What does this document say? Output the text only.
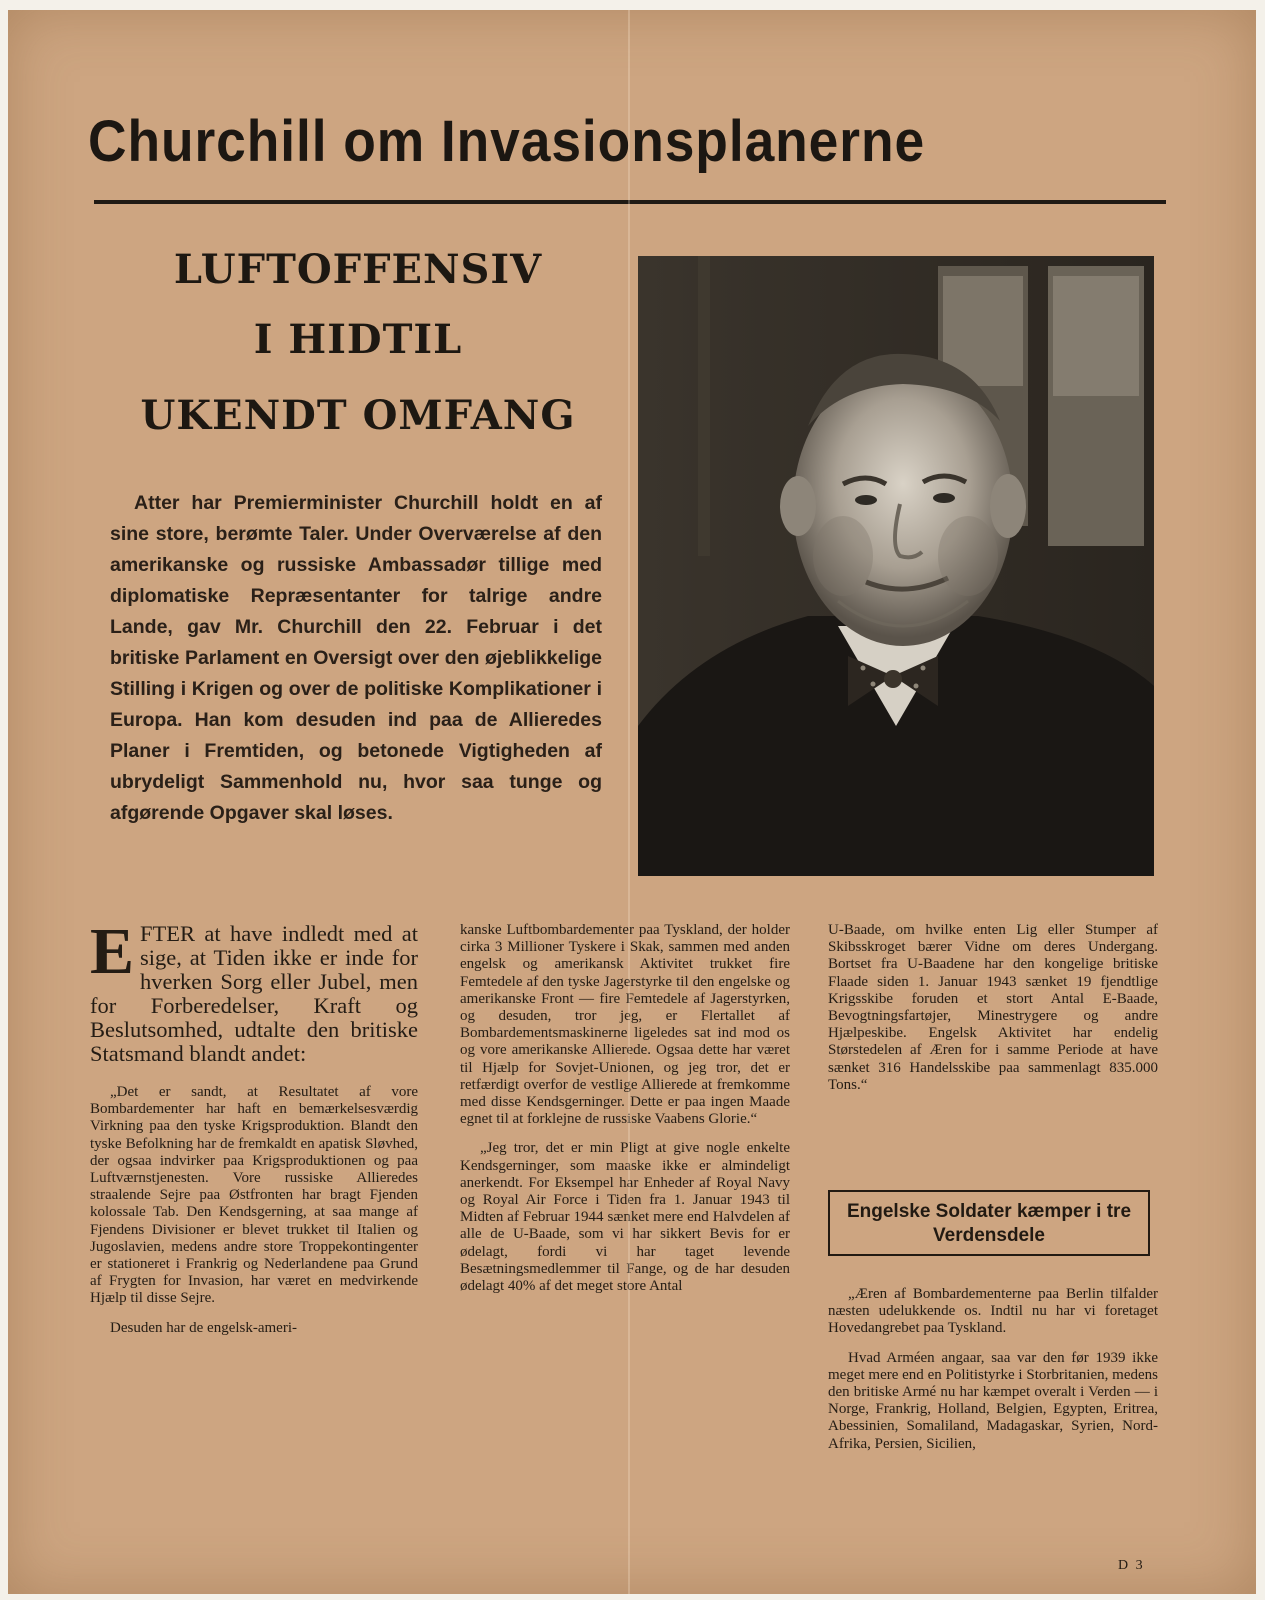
Churchill om Invasionsplanerne
LUFTOFFENSIV
I HIDTIL
UKENDT OMFANG

Atter har Premierminister Churchill holdt en af sine store, berømte Taler. Under Overværelse af den amerikanske og russiske Ambassadør tillige med diplomatiske Repræsentanter for talrige andre Lande, gav Mr. Churchill den 22. Februar i det britiske Parlament en Oversigt over den øjeblikkelige Stilling i Krigen og over de politiske Komplikationer i Europa. Han kom desuden ind paa de Allieredes Planer i Fremtiden, og betonede Vigtigheden af ubrydeligt Sammenhold nu, hvor saa tunge og afgørende Opgaver skal løses.

EFTER at have indledt med at sige, at Tiden ikke er inde for hverken Sorg eller Jubel, men for Forberedelser, Kraft og Beslutsomhed, udtalte den britiske Statsmand blandt andet:

„Det er sandt, at Resultatet af vore Bombardementer har haft en bemærkelsesværdig Virkning paa den tyske Krigsproduktion. Blandt den tyske Befolkning har de fremkaldt en apatisk Sløvhed, der ogsaa indvirker paa Krigsproduktionen og paa Luftværnstjenesten. Vore russiske Allieredes straalende Sejre paa Østfronten har bragt Fjenden kolossale Tab. Den Kendsgerning, at saa mange af Fjendens Divisioner er blevet trukket til Italien og Jugoslavien, medens andre store Troppekontingenter er stationeret i Frankrig og Nederlandene paa Grund af Frygten for Invasion, har været en medvirkende Hjælp til disse Sejre.

Desuden har de engelsk-ameri-

kanske Luftbombardementer paa Tyskland, der holder cirka 3 Millioner Tyskere i Skak, sammen med anden engelsk og amerikansk Aktivitet trukket fire Femtedele af den tyske Jagerstyrke til den engelske og amerikanske Front — fire Femtedele af Jagerstyrken, og desuden, tror jeg, er Flertallet af Bombardementsmaskinerne ligeledes sat ind mod os og vore amerikanske Allierede. Ogsaa dette har været til Hjælp for Sovjet-Unionen, og jeg tror, det er retfærdigt overfor de vestlige Allierede at fremkomme med disse Kendsgerninger. Dette er paa ingen Maade egnet til at forklejne de russiske Vaabens Glorie.“

„Jeg tror, det er min Pligt at give nogle enkelte Kendsgerninger, som maaske ikke er almindeligt anerkendt. For Eksempel har Enheder af Royal Navy og Royal Air Force i Tiden fra 1. Januar 1943 til Midten af Februar 1944 sænket mere end Halvdelen af alle de U-Baade, som vi har sikkert Bevis for er ødelagt, fordi vi har taget levende Besætningsmedlemmer til Fange, og de har desuden ødelagt 40% af det meget store Antal

U-Baade, om hvilke enten Lig eller Stumper af Skibsskroget bærer Vidne om deres Undergang. Bortset fra U-Baadene har den kongelige britiske Flaade siden 1. Januar 1943 sænket 19 fjendtlige Krigsskibe foruden et stort Antal E-Baade, Bevogtningsfartøjer, Minestrygere og andre Hjælpeskibe. Engelsk Aktivitet har endelig Størstedelen af Æren for i samme Periode at have sænket 316 Handelsskibe paa sammenlagt 835.000 Tons.“

Engelske Soldater kæmper i tre Verdensdele

„Æren af Bombardementerne paa Berlin tilfalder næsten udelukkende os. Indtil nu har vi foretaget Hovedangrebet paa Tyskland.

Hvad Arméen angaar, saa var den før 1939 ikke meget mere end en Politistyrke i Storbritanien, medens den britiske Armé nu har kæmpet overalt i Verden — i Norge, Frankrig, Holland, Belgien, Egypten, Eritrea, Abessinien, Somaliland, Madagaskar, Syrien, Nord-Afrika, Persien, Sicilien,

D 3
